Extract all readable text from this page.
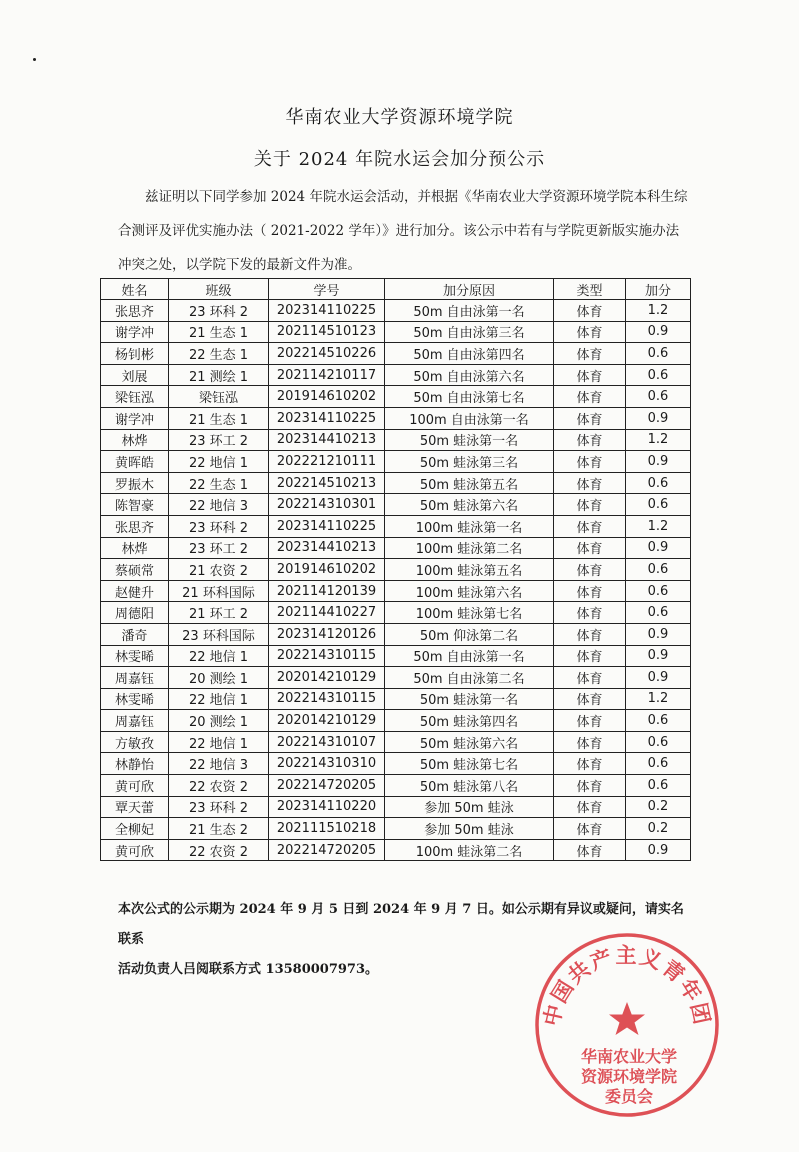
华南农业大学资源环境学院
关于 2024 年院水运会加分预公示
兹证明以下同学参加 2024 年院水运会活动，并根据《华南农业大学资源环境学院本科生综合测评及评优实施办法（ 2021-2022 学年）》进行加分。该公示中若有与学院更新版实施办法冲突之处，以学院下发的最新文件为准。
姓名	班级	学号	加分原因	类型	加分
张思齐	23 环科 2	202314110225	50m 自由泳第一名	体育	1.2
谢学冲	21 生态 1	202114510123	50m 自由泳第三名	体育	0.9
杨钊彬	22 生态 1	202214510226	50m 自由泳第四名	体育	0.6
刘展	21 测绘 1	202114210117	50m 自由泳第六名	体育	0.6
梁钰泓	梁钰泓	201914610202	50m 自由泳第七名	体育	0.6
谢学冲	21 生态 1	202314110225	100m 自由泳第一名	体育	0.9
林烨	23 环工 2	202314410213	50m 蛙泳第一名	体育	1.2
黄晖皓	22 地信 1	202221210111	50m 蛙泳第三名	体育	0.9
罗振木	22 生态 1	202214510213	50m 蛙泳第五名	体育	0.6
陈智豪	22 地信 3	202214310301	50m 蛙泳第六名	体育	0.6
张思齐	23 环科 2	202314110225	100m 蛙泳第一名	体育	1.2
林烨	23 环工 2	202314410213	100m 蛙泳第二名	体育	0.9
蔡硕常	21 农资 2	201914610202	100m 蛙泳第五名	体育	0.6
赵健升	21 环科国际	202114120139	100m 蛙泳第六名	体育	0.6
周德阳	21 环工 2	202114410227	100m 蛙泳第七名	体育	0.6
潘奇	23 环科国际	202314120126	50m 仰泳第二名	体育	0.9
林雯晞	22 地信 1	202214310115	50m 自由泳第一名	体育	0.9
周嘉钰	20 测绘 1	202014210129	50m 自由泳第二名	体育	0.9
林雯晞	22 地信 1	202214310115	50m 蛙泳第一名	体育	1.2
周嘉钰	20 测绘 1	202014210129	50m 蛙泳第四名	体育	0.6
方敏孜	22 地信 1	202214310107	50m 蛙泳第六名	体育	0.6
林静怡	22 地信 3	202214310310	50m 蛙泳第七名	体育	0.6
黄可欣	22 农资 2	202214720205	50m 蛙泳第八名	体育	0.6
覃天蕾	23 环科 2	202314110220	参加 50m 蛙泳	体育	0.2
全柳妃	21 生态 2	202111510218	参加 50m 蛙泳	体育	0.2
黄可欣	22 农资 2	202214720205	100m 蛙泳第二名	体育	0.9
本次公式的公示期为 2024 年 9 月 5 日到 2024 年 9 月 7 日。如公示期有异议或疑问，请实名联系
活动负责人吕阅联系方式 13580007973。
中国共产主义青年团
华南农业大学
资源环境学院
委员会
